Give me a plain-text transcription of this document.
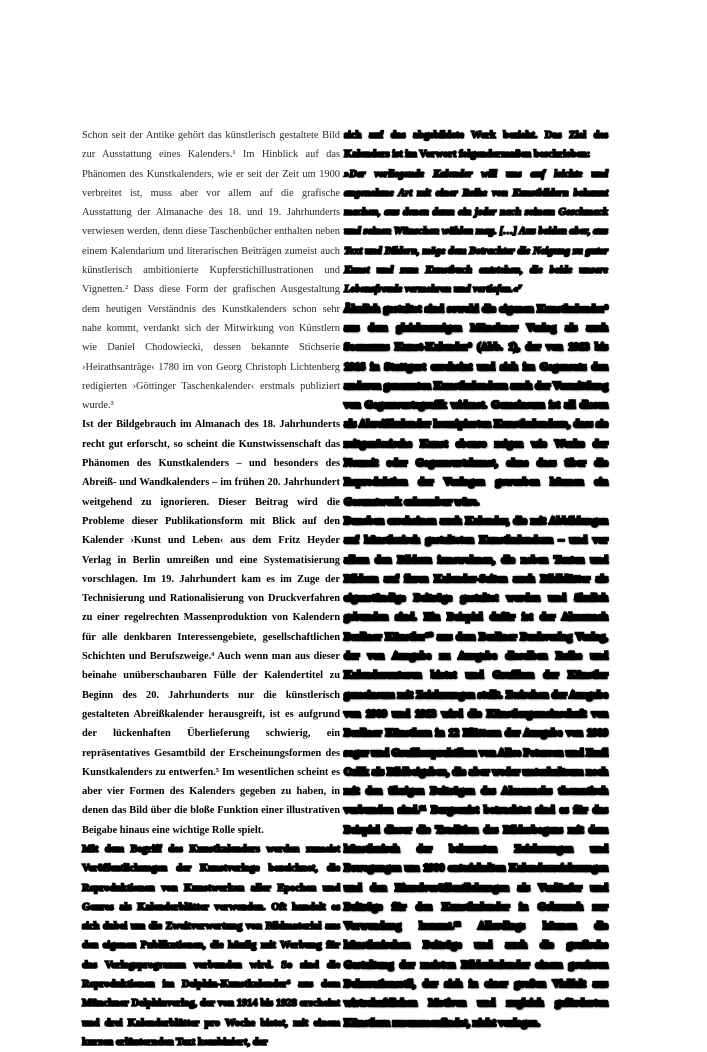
Schon seit der Antike gehört das künstlerisch gestaltete Bild zur Ausstattung eines Kalenders.¹ Im Hinblick auf das Phänomen des Kunstkalenders, wie er seit der Zeit um 1900 verbreitet ist, muss aber vor allem auf die grafische Ausstattung der Almanache des 18. und 19. Jahrhunderts verwiesen werden, denn diese Taschenbücher enthalten neben einem Kalendarium und literarischen Beiträgen zumeist auch künstlerisch ambitionierte Kupferstichillustrationen und Vignetten.² Dass diese Form der grafischen Ausgestaltung dem heutigen Verständnis des Kunstkalenders schon sehr nahe kommt, verdankt sich der Mitwirkung von Künstlern wie Daniel Chodowiecki, dessen bekannte Stichserie ›Heirathsanträge‹ 1780 im von Georg Christoph Lichtenberg redigierten ›Göttinger Taschenkalender‹ erstmals publiziert wurde.³

Ist der Bildgebrauch im Almanach des 18. Jahrhunderts recht gut erforscht, so scheint die Kunstwissenschaft das Phänomen des Kunstkalenders – und besonders des Abreiß- und Wandkalenders – im frühen 20. Jahrhundert weitgehend zu ignorieren. Dieser Beitrag wird die Probleme dieser Publikationsform mit Blick auf den Kalender ›Kunst und Leben‹ aus dem Fritz Heyder Verlag in Berlin umreißen und eine Systematisierung vorschlagen. Im 19. Jahrhundert kam es im Zuge der Technisierung und Rationalisierung von Druckverfahren zu einer regelrechten Massenproduktion von Kalendern für alle denkbaren Interessengebiete, gesellschaftlichen Schichten und Berufszweige.⁴ Auch wenn man aus dieser beinahe unüberschaubaren Fülle der Kalendertitel zu Beginn des 20. Jahrhunderts nur die künstlerisch gestalteten Abreißkalender herausgreift, ist es aufgrund der lückenhaften Überlieferung schwierig, ein repräsentatives Gesamtbild der Erscheinungsformen des Kunstkalenders zu entwerfen.⁵ Im wesentlichen scheint es aber vier Formen des Kalenders gegeben zu haben, in denen das Bild über die bloße Funktion einer illustrativen Beigabe hinaus eine wichtige Rolle spielt.

Mit dem Begriff des Kunstkalenders werden zumeist Veröffentlichungen der Kunstverlage bezeichnet, die Reproduktionen von Kunstwerken aller Epochen und Genres als Kalenderblätter verwenden. Oft handelt es sich dabei um die Zweitverwertung von Bildmaterial aus den eigenen Publikationen, die häufig mit Werbung für das Verlagsprogramm verbunden wird. So sind die Reproduktionen im Delphin-Kunstkalender⁶ aus dem Münchner Delphinverlag, der von 1914 bis 1928 erscheint und drei Kalenderblätter pro Woche bietet, mit einem kurzen erläuternden Text kombiniert, der

sich auf das abgebildete Werk bezieht. Das Ziel des Kalenders ist im Vorwort folgendermaßen beschrieben:

»Der vorliegende Kalender will uns auf leichte und angenehme Art mit einer Reihe von Kunstbildern bekannt machen, aus denen dann ein jeder nach seinem Geschmack und seinen Wünschen wählen mag. […] Aus beiden aber, aus Text und Bildern, möge dem Betrachter die Neigung zu guter Kunst und zum Kunstbuch entstehen, die beide unsere Lebensfreude vermehren und vertiefen.«⁷

Ähnlich gestaltet sind sowohl die eigenen Kunstkalender⁸ aus dem gleichnamigen Münchner Verlag als auch Seemanns Kunst-Kalender⁹ (Abb. 1), der von 1913 bis 1916 in Stuttgart erscheint und sich im Gegensatz den anderen genannten Kunstkalendern auch der Vermittlung von Gegenwartsgrafik widmet. Gemeinsam ist all diesen als Abreißkalender konzipierten Kunstkalendern, dass sie zeitgenössische Kunst ebenso zeigen wie Werke der Neuzeit oder Gegenwartskunst, ohne dass über die Reproduktion der Vorlagen geworben können ein Gesamtwerk erkennbar wäre.

Daneben erscheinen auch Kalender, die mit Abbildungen auf künstlerisch gestalteten Kunstkalendern – und vor allem den Bildern innewohnen, die neben Texten und Bildern auf ihren Kalender-Seiten auch Bildblätter als eigenständige Beiträge gestaltet werden und ähnlich gebunden sind. Ein Beispiel dafür ist der Almanach Berliner Künstler¹⁰ aus dem Berliner Buchverlag Verlag, der von Ausgabe zu Ausgabe dieselben Reihe und Kalenderautoren bietet und Grafiken der Künstler gemeinsam mit Zeichnungen stellt. Zwischen der Ausgabe von 1909 und 1913 wird die Künstlergemeinschaft von Berliner Künstlern in 12 Blättern der Ausgabe von 1909 sogar und Grafikerpraktiken von Alice Peterson und Emil Orlik als Bildbeigaben, die aber weder unterhaltsam noch mit den übrigen Beiträgen des Almanachs thematisch verbunden sind.¹¹ Bergsonist betrachtet sind es für das Beispiel dieser die Tradition des Bilderbogens mit dem künstlerisch der bekannten Zeichnungen und Bewegungen um 1900 entwickelten Kalenderzeichnungen und den Einzelveröffentlichungen als Vorläufer und Beiträge für den Kunstkalender in Gebrauch zur Verwendung kommt.¹² Allerdings können die künstlerischen Beiträge und auch die grafische Gestaltung der meisten Bilderkalender einem gewissen Dekorationsstil, der sich in einer großen Vielfalt aus wirtschaftlichen Motiven und zugleich geförderten Künstlern zusammenfindet, nicht vorlegen.
